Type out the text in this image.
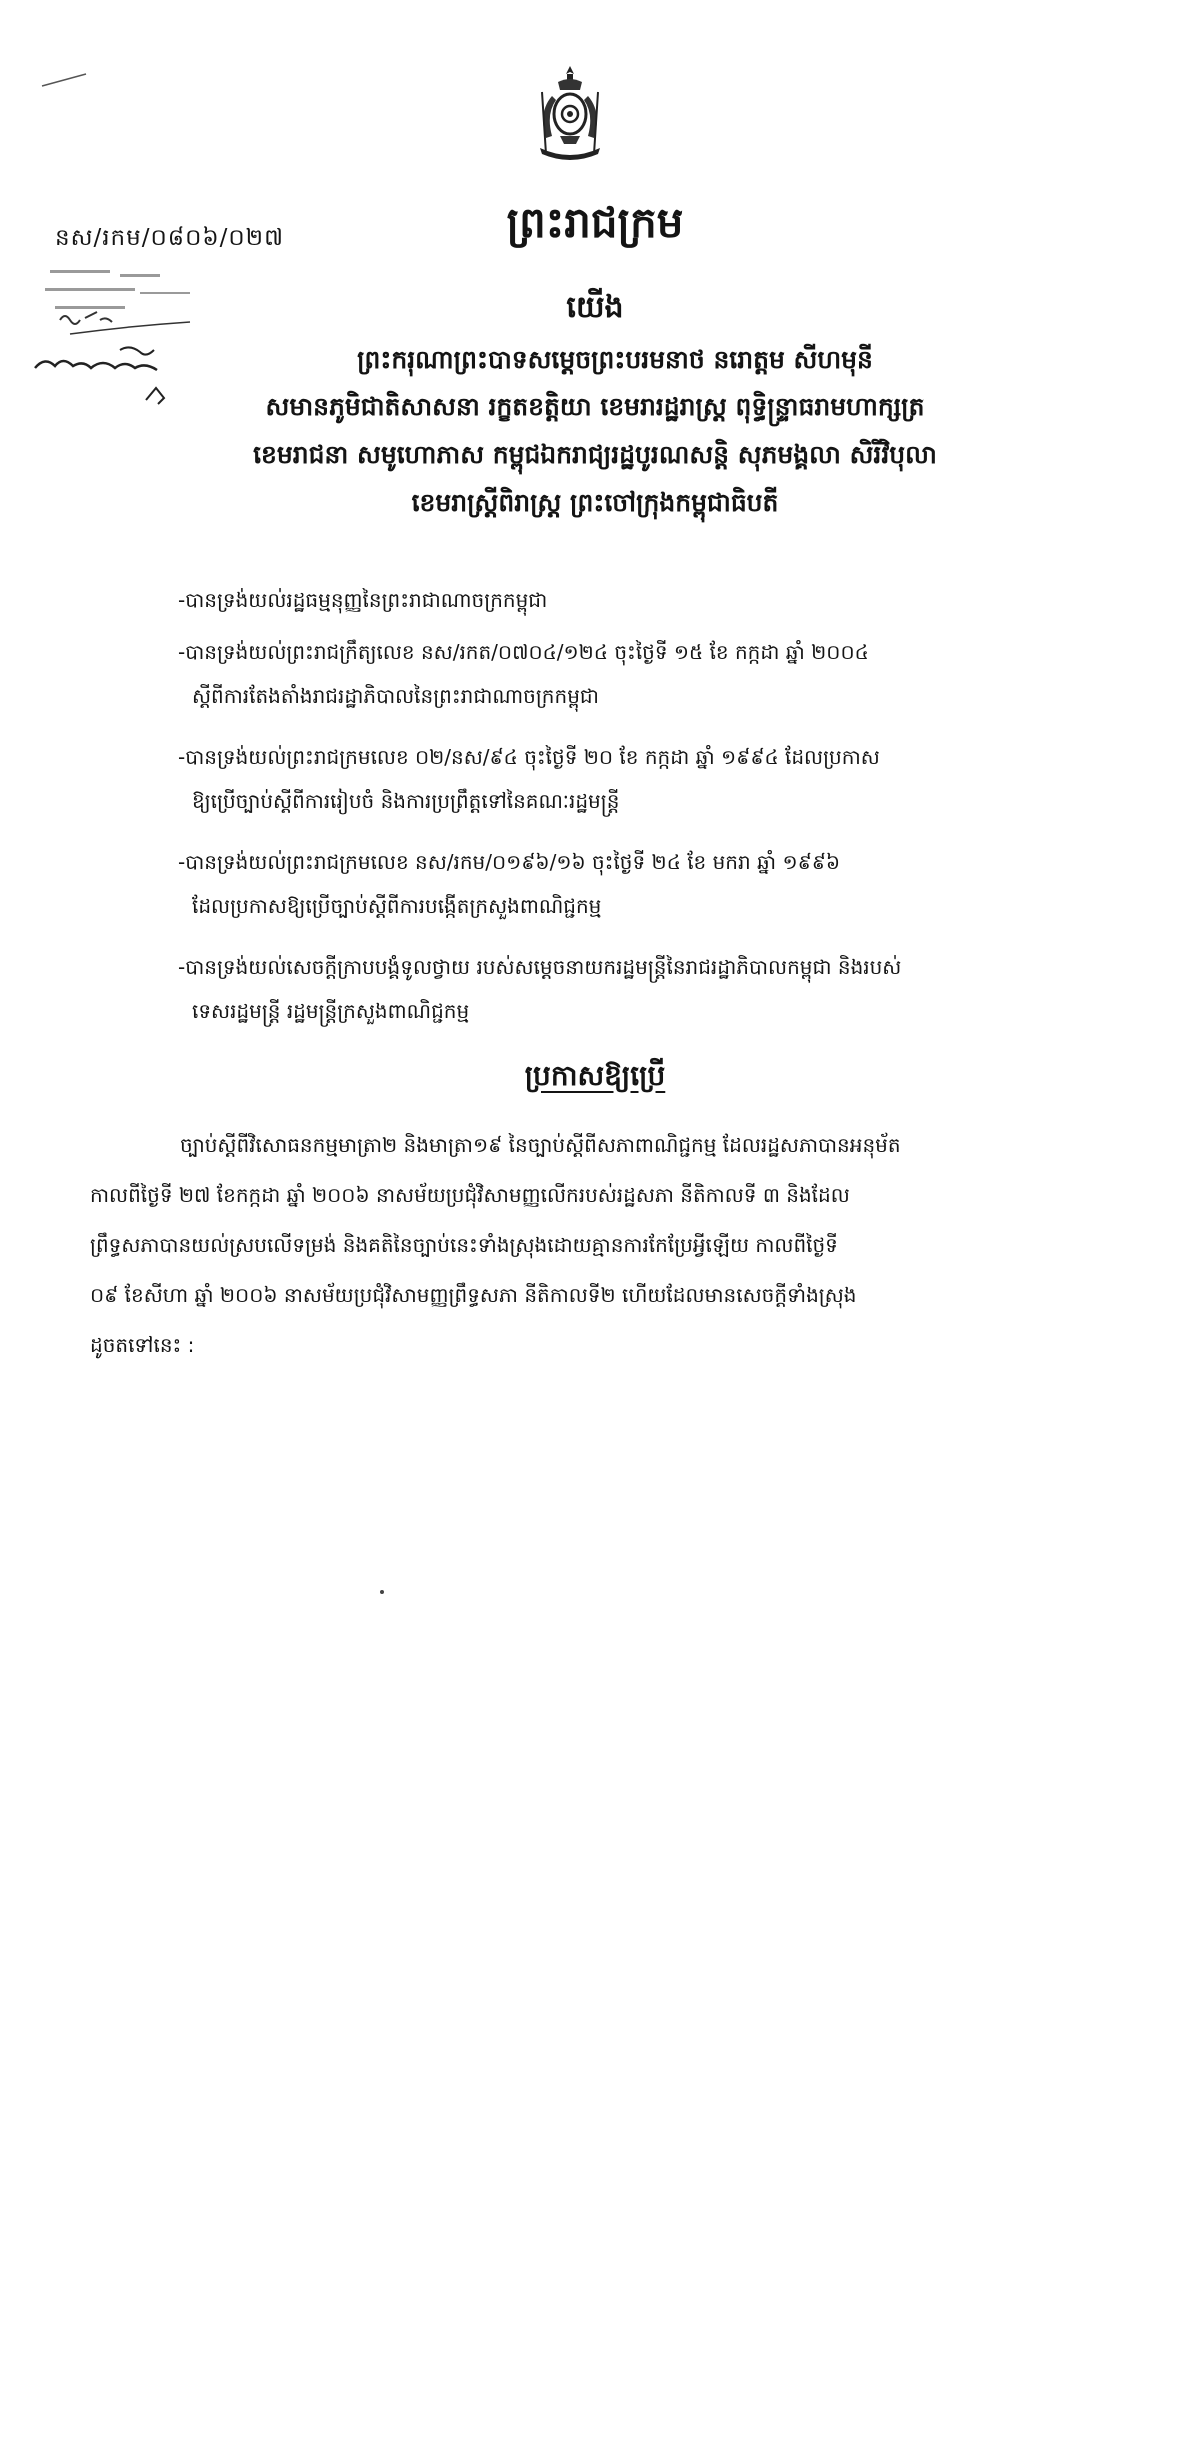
នស/រកម/០៨០៦/០២៧	ព្រះរាជក្រម
យើង
ព្រះករុណាព្រះបាទសម្តេចព្រះបរមនាថ នរោត្តម សីហមុនី
សមានភូមិជាតិសាសនា រក្ខតខត្តិយា ខេមរារដ្ឋរាស្ត្រ ពុទ្ធិន្ទ្រាធរាមហាក្សត្រ
ខេមរាជនា សមូហោភាស កម្ពុជឯករាជ្យរដ្ឋបូរណសន្តិ សុភមង្គលា សិរីវិបុលា
ខេមរាស្ត្រីពិរាស្ត្រ ព្រះចៅក្រុងកម្ពុជាធិបតី

-បានទ្រង់យល់រដ្ឋធម្មនុញ្ញនៃព្រះរាជាណាចក្រកម្ពុជា

-បានទ្រង់យល់ព្រះរាជក្រឹត្យលេខ នស/រកត/០៧០៤/១២៤ ចុះថ្ងៃទី ១៥ ខែ កក្កដា ឆ្នាំ ២០០៤

ស្តីពីការតែងតាំងរាជរដ្ឋាភិបាលនៃព្រះរាជាណាចក្រកម្ពុជា

-បានទ្រង់យល់ព្រះរាជក្រមលេខ ០២/នស/៩៤ ចុះថ្ងៃទី ២០ ខែ កក្កដា ឆ្នាំ ១៩៩៤ ដែលប្រកាស

ឱ្យប្រើច្បាប់ស្តីពីការរៀបចំ និងការប្រព្រឹត្តទៅនៃគណៈរដ្ឋមន្ត្រី

-បានទ្រង់យល់ព្រះរាជក្រមលេខ នស/រកម/០១៩៦/១៦ ចុះថ្ងៃទី ២៤ ខែ មករា ឆ្នាំ ១៩៩៦

ដែលប្រកាសឱ្យប្រើច្បាប់ស្តីពីការបង្កើតក្រសួងពាណិជ្ជកម្ម

-បានទ្រង់យល់សេចក្តីក្រាបបង្គំទូលថ្វាយ របស់សម្តេចនាយករដ្ឋមន្ត្រីនៃរាជរដ្ឋាភិបាលកម្ពុជា និងរបស់

ទេសរដ្ឋមន្ត្រី រដ្ឋមន្ត្រីក្រសួងពាណិជ្ជកម្ម

ប្រកាសឱ្យប្រើ

ច្បាប់ស្តីពីវិសោធនកម្មមាត្រា២ និងមាត្រា១៩ នៃច្បាប់ស្តីពីសភាពាណិជ្ជកម្ម ដែលរដ្ឋសភាបានអនុម័ត

កាលពីថ្ងៃទី ២៧ ខែកក្កដា ឆ្នាំ ២០០៦ នាសម័យប្រជុំវិសាមញ្ញលើករបស់រដ្ឋសភា នីតិកាលទី ៣ និងដែល

ព្រឹទ្ធសភាបានយល់ស្របលើទម្រង់ និងគតិនៃច្បាប់នេះទាំងស្រុងដោយគ្មានការកែប្រែអ្វីឡើយ កាលពីថ្ងៃទី

០៩ ខែសីហា ឆ្នាំ ២០០៦ នាសម័យប្រជុំវិសាមញ្ញព្រឹទ្ធសភា នីតិកាលទី២ ហើយដែលមានសេចក្តីទាំងស្រុង

ដូចតទៅនេះ :
